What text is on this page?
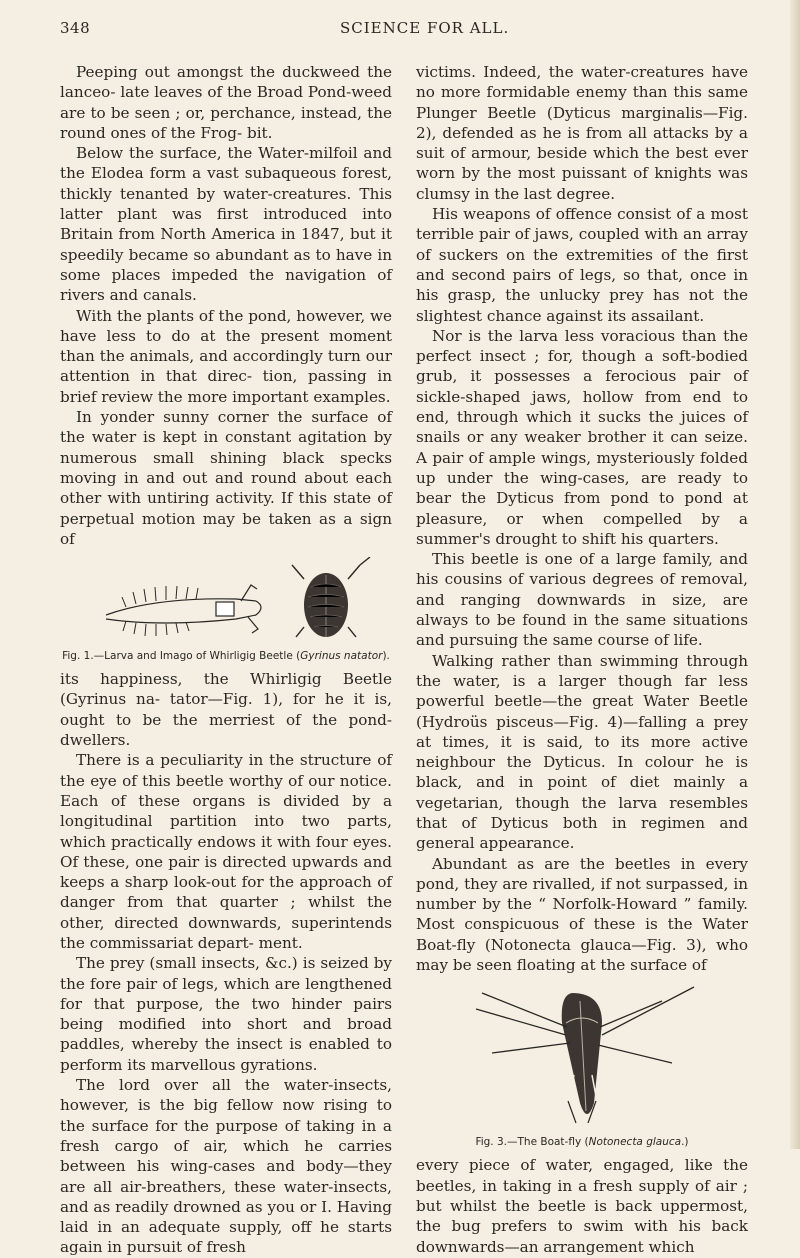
348	SCIENCE FOR ALL.

Peeping out amongst the duckweed the lanceo- late leaves of the Broad Pond-weed are to be seen ; or, perchance, instead, the round ones of the Frog- bit.

Below the surface, the Water-milfoil and the Elodea form a vast subaqueous forest, thickly tenanted by water-creatures. This latter plant was first introduced into Britain from North America in 1847, but it speedily became so abundant as to have in some places impeded the navigation of rivers and canals.

With the plants of the pond, however, we have less to do at the present moment than the animals, and accordingly turn our attention in that direc- tion, passing in brief review the more important examples.

In yonder sunny corner the surface of the water is kept in constant agitation by numerous small shining black specks moving in and out and round about each other with untiring activity. If this state of perpetual motion may be taken as a sign of

Fig. 1.—Larva and Imago of Whirligig Beetle (Gyrinus natator).

its happiness, the Whirligig Beetle (Gyrinus na- tator—Fig. 1), for he it is, ought to be the merriest of the pond-dwellers.

There is a peculiarity in the structure of the eye of this beetle worthy of our notice. Each of these organs is divided by a longitudinal partition into two parts, which practically endows it with four eyes. Of these, one pair is directed upwards and keeps a sharp look-out for the approach of danger from that quarter ; whilst the other, directed downwards, superintends the commissariat depart- ment.

The prey (small insects, &c.) is seized by the fore pair of legs, which are lengthened for that purpose, the two hinder pairs being modified into short and broad paddles, whereby the insect is enabled to perform its marvellous gyrations.

The lord over all the water-insects, however, is the big fellow now rising to the surface for the purpose of taking in a fresh cargo of air, which he carries between his wing-cases and body—they are all air-breathers, these water-insects, and as readily drowned as you or I. Having laid in an adequate supply, off he starts again in pursuit of fresh

victims. Indeed, the water-creatures have no more formidable enemy than this same Plunger Beetle (Dyticus marginalis—Fig. 2), defended as he is from all attacks by a suit of armour, beside which the best ever worn by the most puissant of knights was clumsy in the last degree.

His weapons of offence consist of a most terrible pair of jaws, coupled with an array of suckers on the extremities of the first and second pairs of legs, so that, once in his grasp, the unlucky prey has not the slightest chance against its assailant.

Nor is the larva less voracious than the perfect insect ; for, though a soft-bodied grub, it possesses a ferocious pair of sickle-shaped jaws, hollow from end to end, through which it sucks the juices of snails or any weaker brother it can seize. A pair of ample wings, mysteriously folded up under the wing-cases, are ready to bear the Dyticus from pond to pond at pleasure, or when compelled by a summer's drought to shift his quarters.

This beetle is one of a large family, and his cousins of various degrees of removal, and ranging downwards in size, are always to be found in the same situations and pursuing the same course of life.

Walking rather than swimming through the water, is a larger though far less powerful beetle—the great Water Beetle (Hydroüs pisceus—Fig. 4)—falling a prey at times, it is said, to its more active neighbour the Dyticus. In colour he is black, and in point of diet mainly a vegetarian, though the larva resembles that of Dyticus both in regimen and general appearance.

Abundant as are the beetles in every pond, they are rivalled, if not surpassed, in number by the “ Norfolk-Howard ” family. Most conspicuous of these is the Water Boat-fly (Notonecta glauca—Fig. 3), who may be seen floating at the surface of

Fig. 3.—The Boat-fly (Notonecta glauca.)

every piece of water, engaged, like the beetles, in taking in a fresh supply of air ; but whilst the beetle is back uppermost, the bug prefers to swim with his back downwards—an arrangement which
